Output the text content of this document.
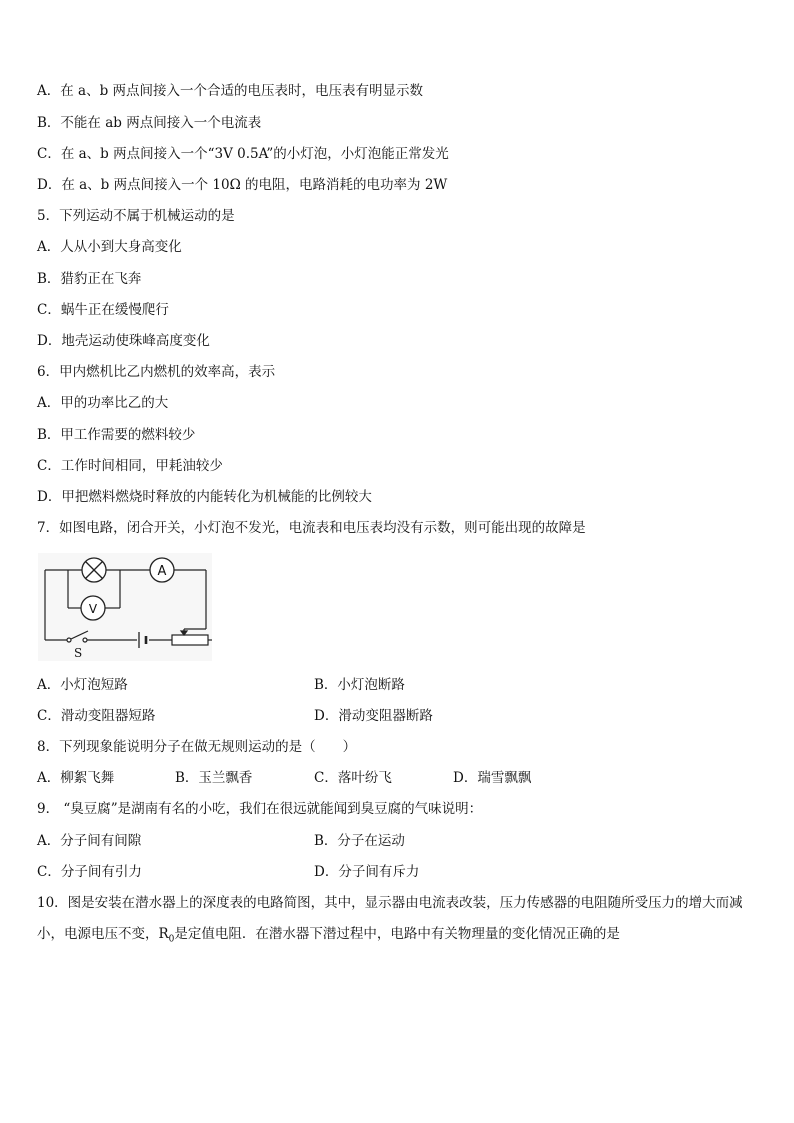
A．在 a、b 两点间接入一个合适的电压表时，电压表有明显示数
B．不能在 ab 两点间接入一个电流表
C．在 a、b 两点间接入一个“3V 0.5A”的小灯泡，小灯泡能正常发光
D．在 a、b 两点间接入一个 10Ω 的电阻，电路消耗的电功率为 2W
5．下列运动不属于机械运动的是
A．人从小到大身高变化
B．猎豹正在飞奔
C．蜗牛正在缓慢爬行
D．地壳运动使珠峰高度变化
6．甲内燃机比乙内燃机的效率高，表示
A．甲的功率比乙的大
B．甲工作需要的燃料较少
C．工作时间相同，甲耗油较少
D．甲把燃料燃烧时释放的内能转化为机械能的比例较大
7．如图电路，闭合开关，小灯泡不发光，电流表和电压表均没有示数，则可能出现的故障是
A
V
S
A．小灯泡短路	B．小灯泡断路
C．滑动变阻器短路	D．滑动变阻器断路
8．下列现象能说明分子在做无规则运动的是（　　）
A．柳絮飞舞	B．玉兰飘香	C．落叶纷飞	D．瑞雪飘飘
9． “臭豆腐”是湖南有名的小吃，我们在很远就能闻到臭豆腐的气味说明：
A．分子间有间隙	B．分子在运动
C．分子间有引力	D．分子间有斥力
10．图是安装在潜水器上的深度表的电路简图，其中，显示器由电流表改装，压力传感器的电阻随所受压力的增大而减小，电源电压不变，$R_0$是定值电阻．在潜水器下潜过程中，电路中有关物理量的变化情况正确的是
